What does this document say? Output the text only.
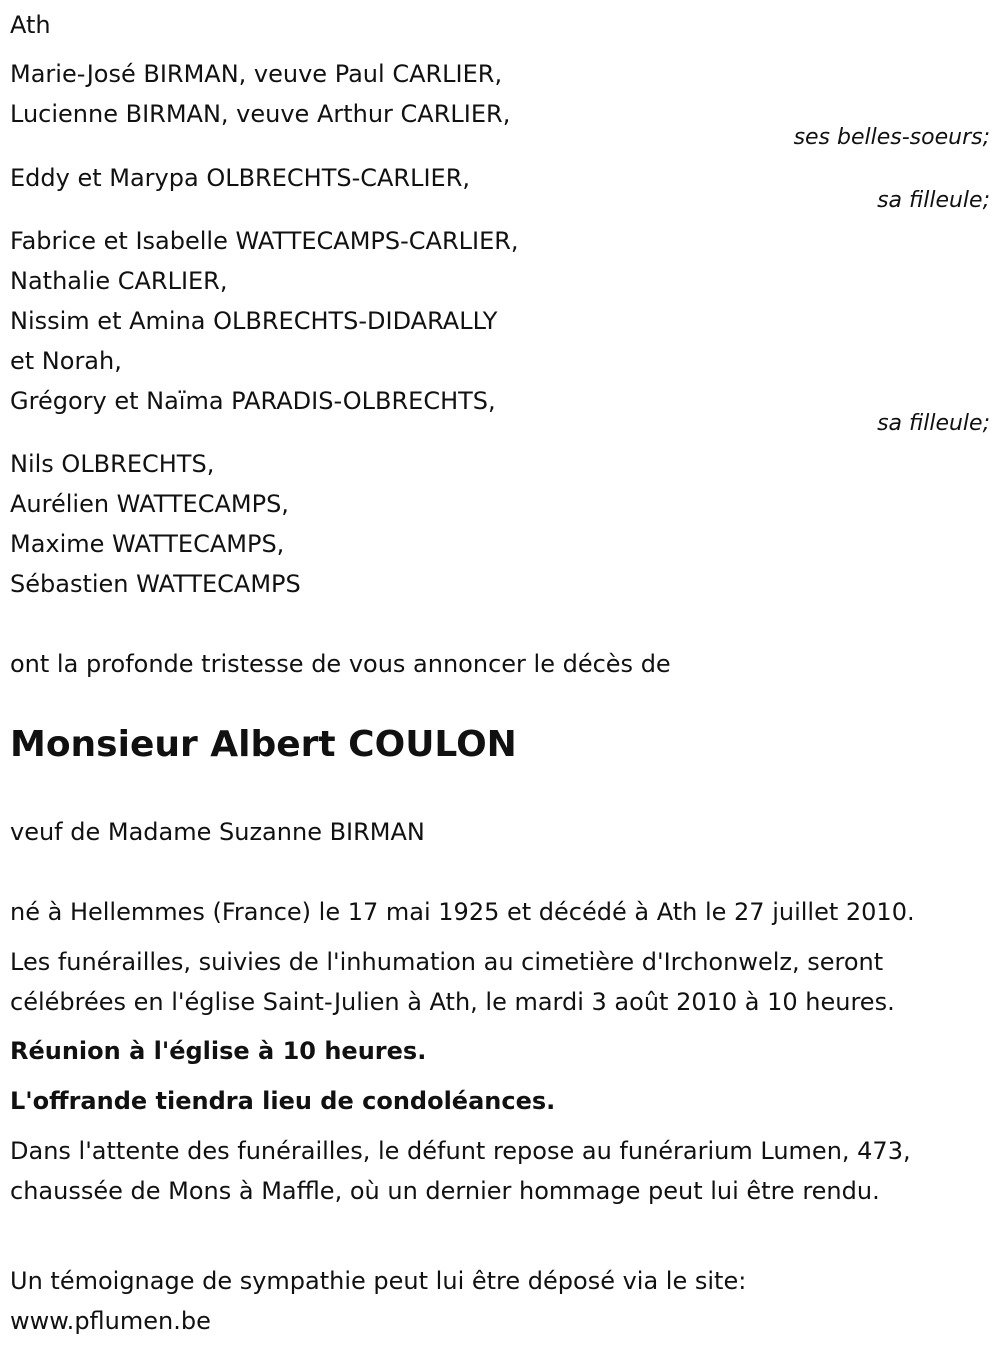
Ath
Marie-José BIRMAN, veuve Paul CARLIER,
Lucienne BIRMAN, veuve Arthur CARLIER,
ses belles-soeurs;
Eddy et Marypa OLBRECHTS-CARLIER,
sa filleule;
Fabrice et Isabelle WATTECAMPS-CARLIER,
Nathalie CARLIER,
Nissim et Amina OLBRECHTS-DIDARALLY
et Norah,
Grégory et Naïma PARADIS-OLBRECHTS,
sa filleule;
Nils OLBRECHTS,
Aurélien WATTECAMPS,
Maxime WATTECAMPS,
Sébastien WATTECAMPS
ont la profonde tristesse de vous annoncer le décès de
Monsieur Albert COULON
veuf de Madame Suzanne BIRMAN
né à Hellemmes (France) le 17 mai 1925 et décédé à Ath le 27 juillet 2010.
Les funérailles, suivies de l'inhumation au cimetière d'Irchonwelz, seront célébrées en l'église Saint-Julien à Ath, le mardi 3 août 2010 à 10 heures.
Réunion à l'église à 10 heures.
L'offrande tiendra lieu de condoléances.
Dans l'attente des funérailles, le défunt repose au funérarium Lumen, 473, chaussée de Mons à Maffle, où un dernier hommage peut lui être rendu.
Un témoignage de sympathie peut lui être déposé via le site:
www.pflumen.be
